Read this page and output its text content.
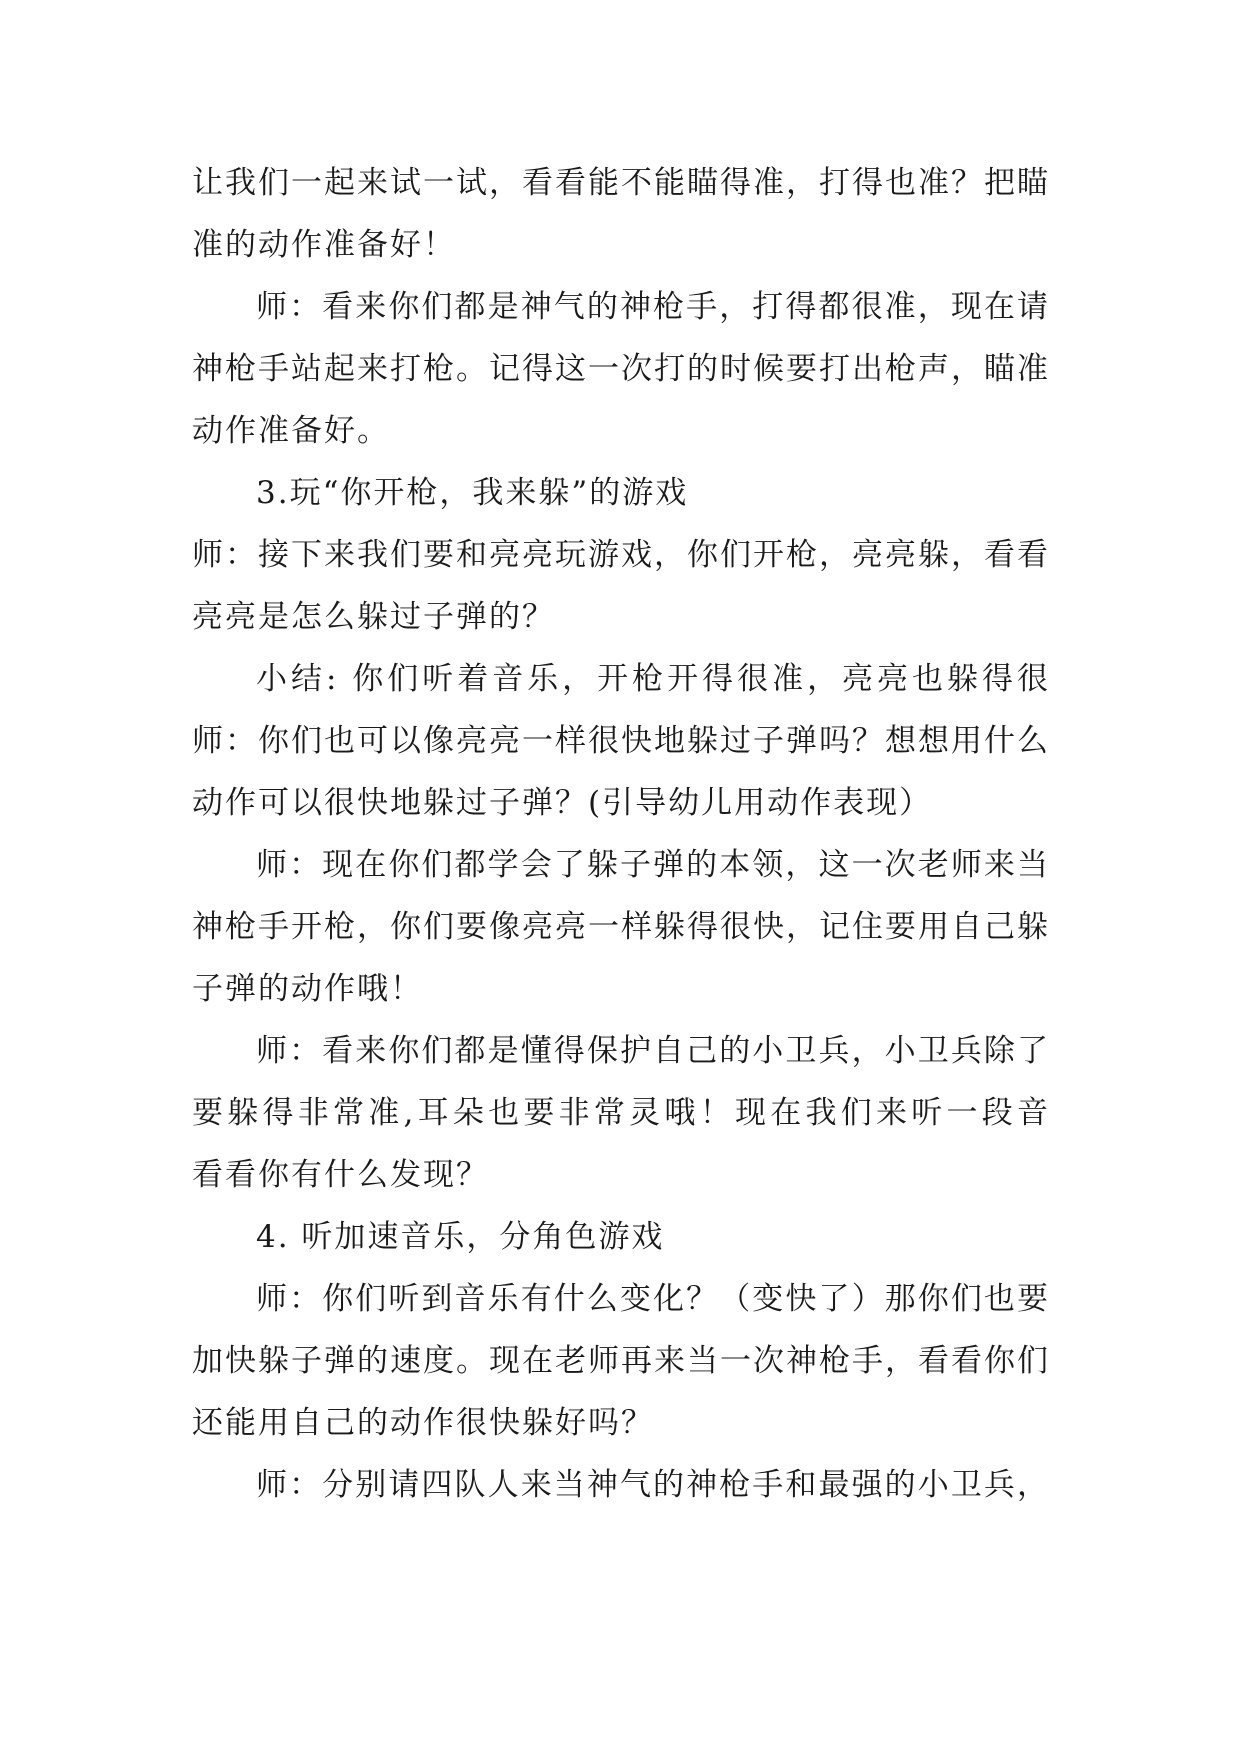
让我们一起来试一试，看看能不能瞄得准，打得也准？把瞄
准的动作准备好！
师：看来你们都是神气的神枪手，打得都很准，现在请
神枪手站起来打枪。记得这一次打的时候要打出枪声，瞄准
动作准备好。
3.玩“你开枪，我来躲”的游戏
师：接下来我们要和亮亮玩游戏，你们开枪，亮亮躲，看看
亮亮是怎么躲过子弹的？
小结: 你们听着音乐，开枪开得很准，亮亮也躲得很
师：你们也可以像亮亮一样很快地躲过子弹吗？想想用什么
动作可以很快地躲过子弹？(引导幼儿用动作表现）
师：现在你们都学会了躲子弹的本领，这一次老师来当
神枪手开枪，你们要像亮亮一样躲得很快，记住要用自己躲
子弹的动作哦！
师：看来你们都是懂得保护自己的小卫兵，小卫兵除了
要躲得非常准,耳朵也要非常灵哦！现在我们来听一段音
看看你有什么发现？
4. 听加速音乐，分角色游戏
师：你们听到音乐有什么变化？（变快了）那你们也要
加快躲子弹的速度。现在老师再来当一次神枪手，看看你们
还能用自己的动作很快躲好吗？
师：分别请四队人来当神气的神枪手和最强的小卫兵，
